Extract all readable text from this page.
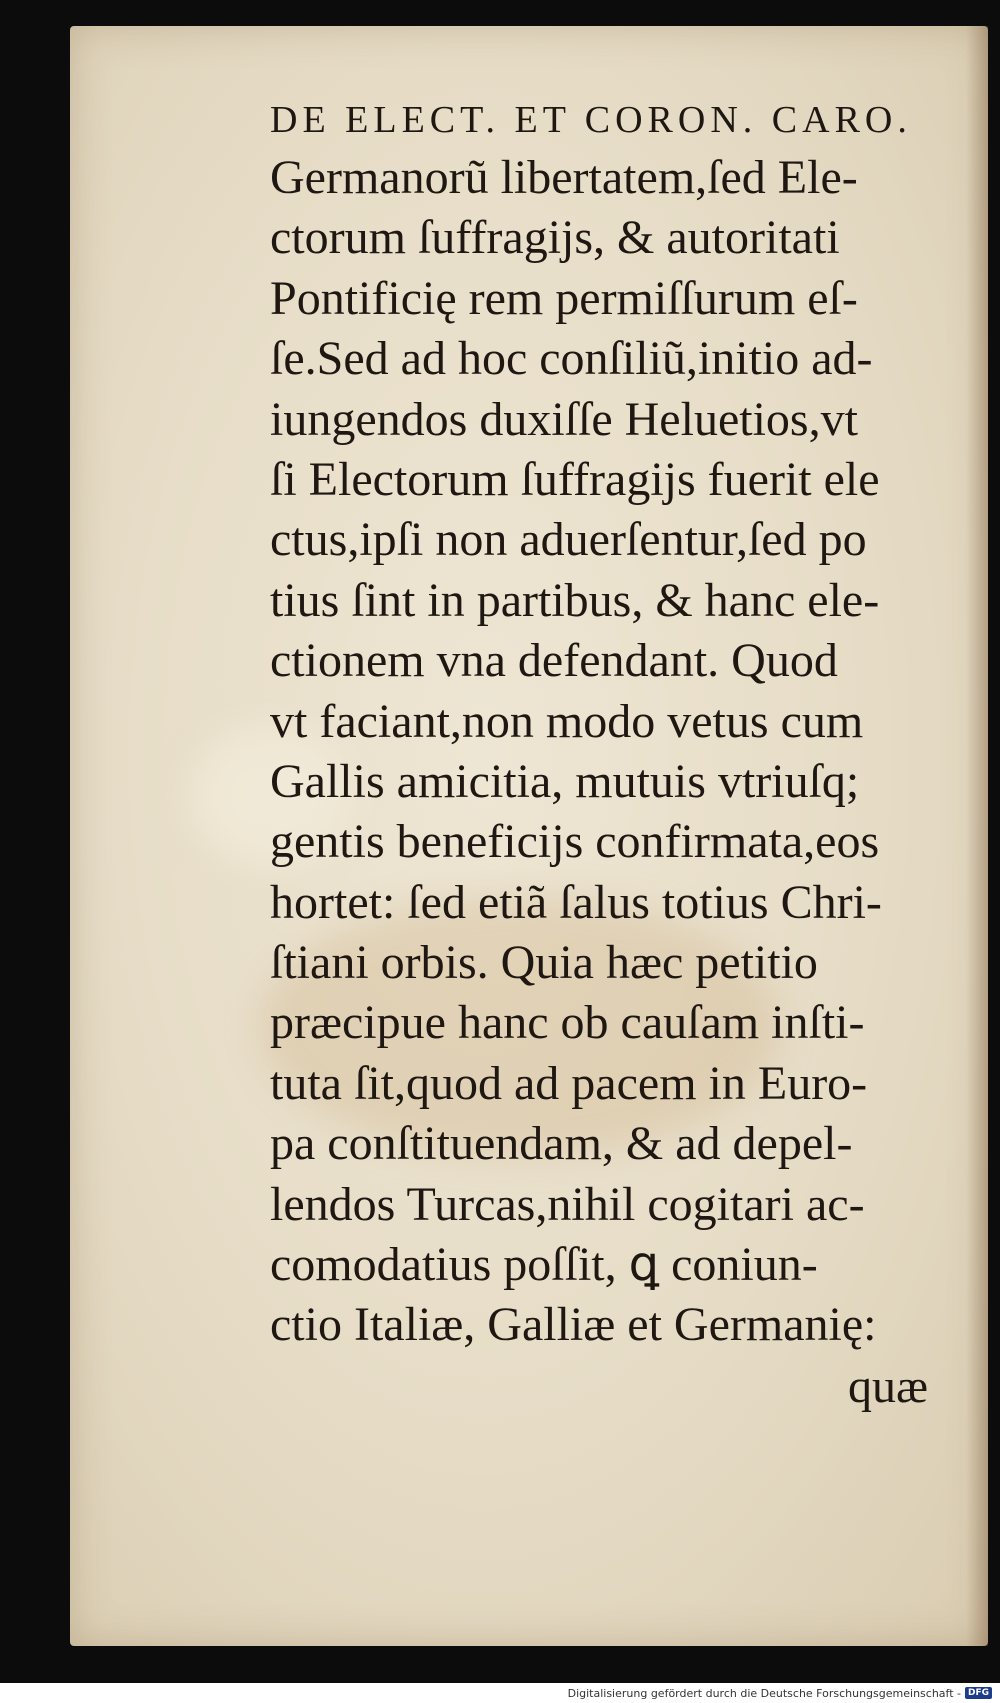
DE ELECT. ET CORON. CARO.
Germanorũ libertatem,ſed Ele‑
ctorum ſuffragijs, & autoritati
Pontificię rem permiſſurum eſ‑
ſe.Sed ad hoc conſiliũ,initio ad‑
iungendos duxiſſe Heluetios,vt
ſi Electorum ſuffragijs fuerit ele
ctus,ipſi non aduerſentur,ſed po
tius ſint in partibus, & hanc ele‑
ctionem vna defendant. Quod
vt faciant,non modo vetus cum
Gallis amicitia, mutuis vtriuſq;
gentis beneficijs confirmata,eos
hortet: ſed etiã ſalus totius Chri‑
ſtiani orbis. Quia hæc petitio
præcipue hanc ob cauſam inſti‑
tuta ſit,quod ad pacem in Euro‑
pa conſtituendam, & ad depel‑
lendos Turcas,nihil cogitari ac‑
comodatius poſſit, ꝗ coniun‑
ctio Italiæ, Galliæ et Germanię:
quæ
Digitalisierung gefördert durch die Deutsche Forschungsgemeinschaft - DFG
